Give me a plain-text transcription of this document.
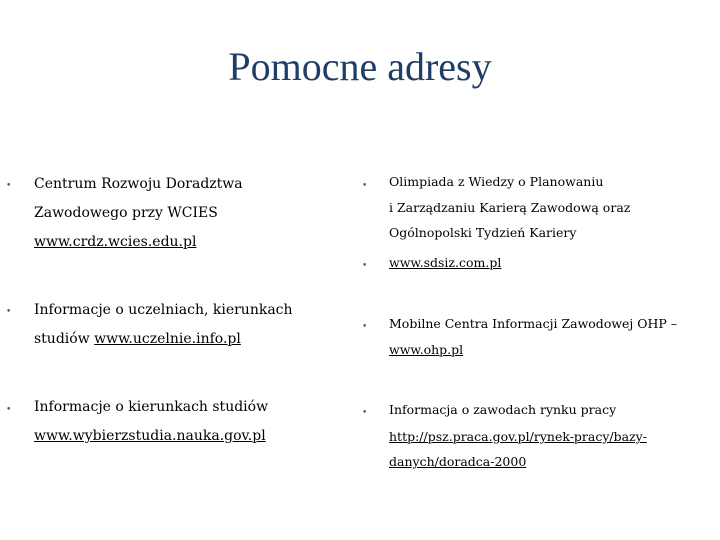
Pomocne adresy
•	Centrum Rozwoju Doradztwa
Zawodowego przy WCIES
www.crdz.wcies.edu.pl
•	Informacje o uczelniach, kierunkach
studiów www.uczelnie.info.pl
•	Informacje o kierunkach studiów
www.wybierzstudia.nauka.gov.pl
•	Olimpiada z Wiedzy o Planowaniu
i Zarządzaniu Karierą Zawodową oraz
Ogólnopolski Tydzień Kariery
•	www.sdsiz.com.pl
•	Mobilne Centra Informacji Zawodowej OHP –
www.ohp.pl
•	Informacja o zawodach rynku pracy
http://psz.praca.gov.pl/rynek-pracy/bazy-
danych/doradca-2000
